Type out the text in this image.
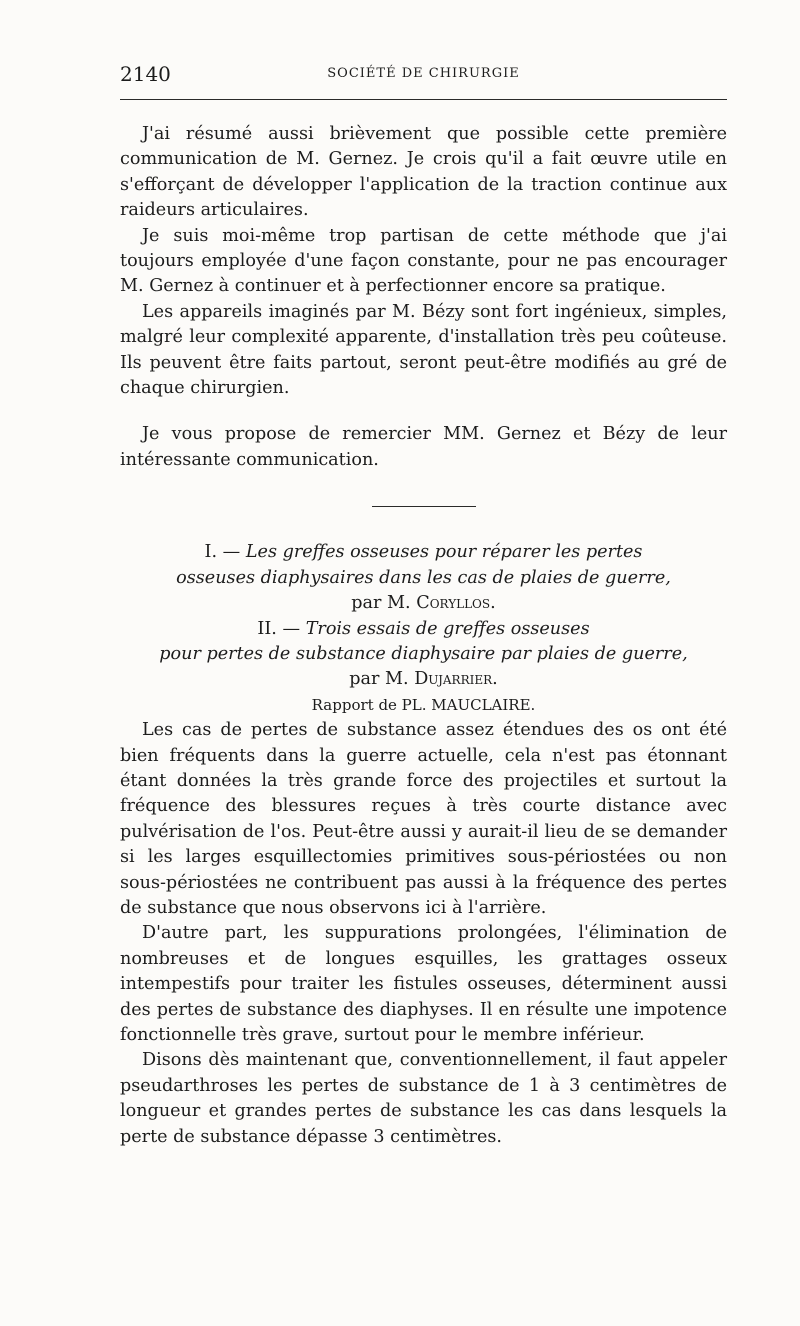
2140	SOCIÉTÉ DE CHIRURGIE

J'ai résumé aussi brièvement que possible cette première communication de M. Gernez. Je crois qu'il a fait œuvre utile en s'efforçant de développer l'application de la traction continue aux raideurs articulaires.

Je suis moi-même trop partisan de cette méthode que j'ai toujours employée d'une façon constante, pour ne pas encourager M. Gernez à continuer et à perfectionner encore sa pratique.

Les appareils imaginés par M. Bézy sont fort ingénieux, simples, malgré leur complexité apparente, d'installation très peu coûteuse. Ils peuvent être faits partout, seront peut-être modifiés au gré de chaque chirurgien.

Je vous propose de remercier MM. Gernez et Bézy de leur intéressante communication.

I. — Les greffes osseuses pour réparer les pertes

osseuses diaphysaires dans les cas de plaies de guerre,

par M. Coryllos.

II. — Trois essais de greffes osseuses

pour pertes de substance diaphysaire par plaies de guerre,

par M. Dujarrier.

Rapport de PL. MAUCLAIRE.

Les cas de pertes de substance assez étendues des os ont été bien fréquents dans la guerre actuelle, cela n'est pas étonnant étant données la très grande force des projectiles et surtout la fréquence des blessures reçues à très courte distance avec pulvérisation de l'os. Peut-être aussi y aurait-il lieu de se demander si les larges esquillectomies primitives sous-périostées ou non sous-périostées ne contribuent pas aussi à la fréquence des pertes de substance que nous observons ici à l'arrière.

D'autre part, les suppurations prolongées, l'élimination de nombreuses et de longues esquilles, les grattages osseux intempestifs pour traiter les fistules osseuses, déterminent aussi des pertes de substance des diaphyses. Il en résulte une impotence fonctionnelle très grave, surtout pour le membre inférieur.

Disons dès maintenant que, conventionnellement, il faut appeler pseudarthroses les pertes de substance de 1 à 3 centimètres de longueur et grandes pertes de substance les cas dans lesquels la perte de substance dépasse 3 centimètres.
